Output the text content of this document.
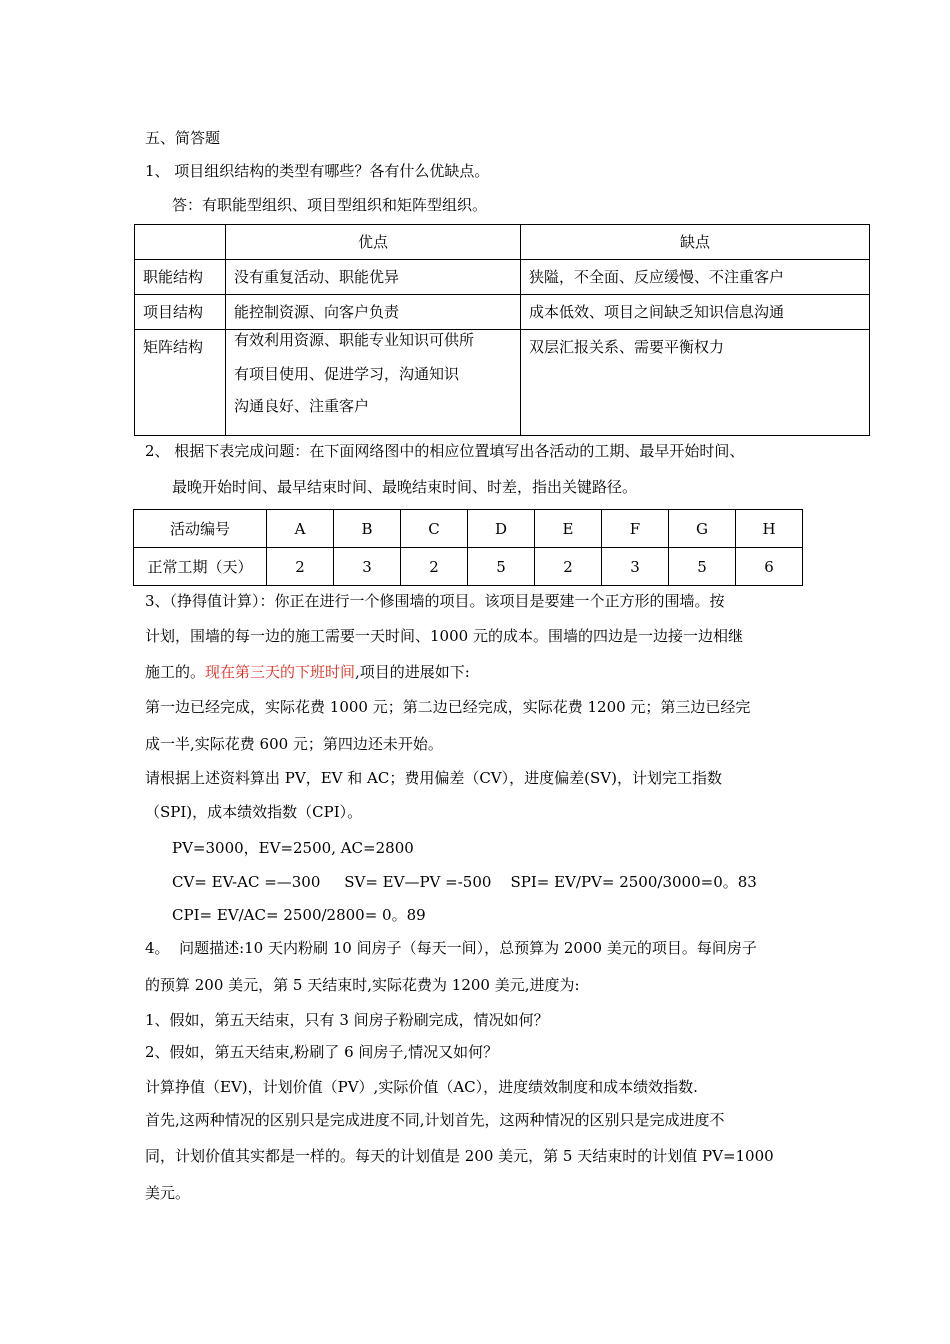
五、简答题
1、 项目组织结构的类型有哪些？各有什么优缺点。
答：有职能型组织、项目型组织和矩阵型组织。
	优点	缺点
职能结构	没有重复活动、职能优异	狭隘，不全面、反应缓慢、不注重客户
项目结构	能控制资源、向客户负责	成本低效、项目之间缺乏知识信息沟通
矩阵结构	有效利用资源、职能专业知识可供所
有项目使用、促进学习，沟通知识
沟通良好、注重客户	双层汇报关系、需要平衡权力
2、 根据下表完成问题：在下面网络图中的相应位置填写出各活动的工期、最早开始时间、
最晚开始时间、最早结束时间、最晚结束时间、时差，指出关键路径。
活动编号	A	B	C	D	E	F	G	H
正常工期（天）	2	3	2	5	2	3	5	6
3、（挣得值计算）：你正在进行一个修围墙的项目。该项目是要建一个正方形的围墙。按
计划，围墙的每一边的施工需要一天时间、1000 元的成本。围墙的四边是一边接一边相继
施工的。现在第三天的下班时间,项目的进展如下:
第一边已经完成，实际花费 1000 元；第二边已经完成，实际花费 1200 元；第三边已经完
成一半,实际花费 600 元；第四边还未开始。
请根据上述资料算出 PV，EV 和 AC；费用偏差（CV），进度偏差(SV)，计划完工指数
（SPI)，成本绩效指数（CPI）。
PV=3000，EV=2500, AC=2800
CV= EV-AC =—300     SV= EV—PV =-500    SPI= EV/PV= 2500/3000=0。83
CPI= EV/AC= 2500/2800= 0。89
4。  问题描述:10 天内粉刷 10 间房子（每天一间），总预算为 2000 美元的项目。每间房子
的预算 200 美元，第 5 天结束时,实际花费为 1200 美元,进度为:
1、假如，第五天结束，只有 3 间房子粉刷完成，情况如何？
2、假如，第五天结束,粉刷了 6 间房子,情况又如何？
计算挣值（EV)，计划价值（PV）,实际价值（AC），进度绩效制度和成本绩效指数.
首先,这两种情况的区别只是完成进度不同,计划首先，这两种情况的区别只是完成进度不
同，计划价值其实都是一样的。每天的计划值是 200 美元，第 5 天结束时的计划值 PV=1000
美元。
